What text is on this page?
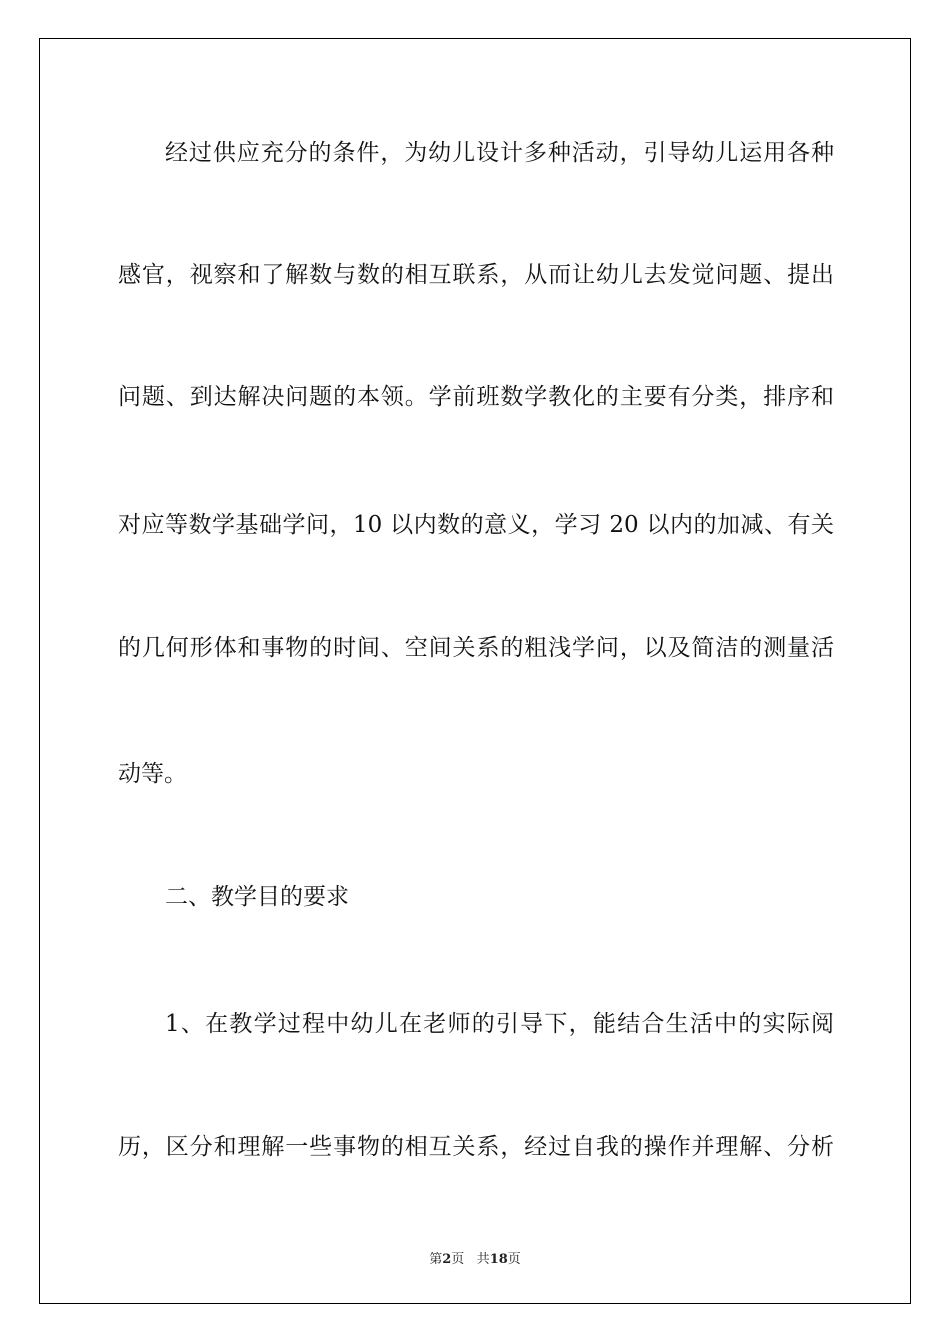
经过供应充分的条件，为幼儿设计多种活动，引导幼儿运用各种

感官，视察和了解数与数的相互联系，从而让幼儿去发觉问题、提出

问题、到达解决问题的本领。学前班数学教化的主要有分类，排序和

对应等数学基础学问，10 以内数的意义，学习 20 以内的加减、有关

的几何形体和事物的时间、空间关系的粗浅学问，以及简洁的测量活

动等。

二、教学目的要求

1、在教学过程中幼儿在老师的引导下，能结合生活中的实际阅

历，区分和理解一些事物的相互关系，经过自我的操作并理解、分析

第2页 共18页
